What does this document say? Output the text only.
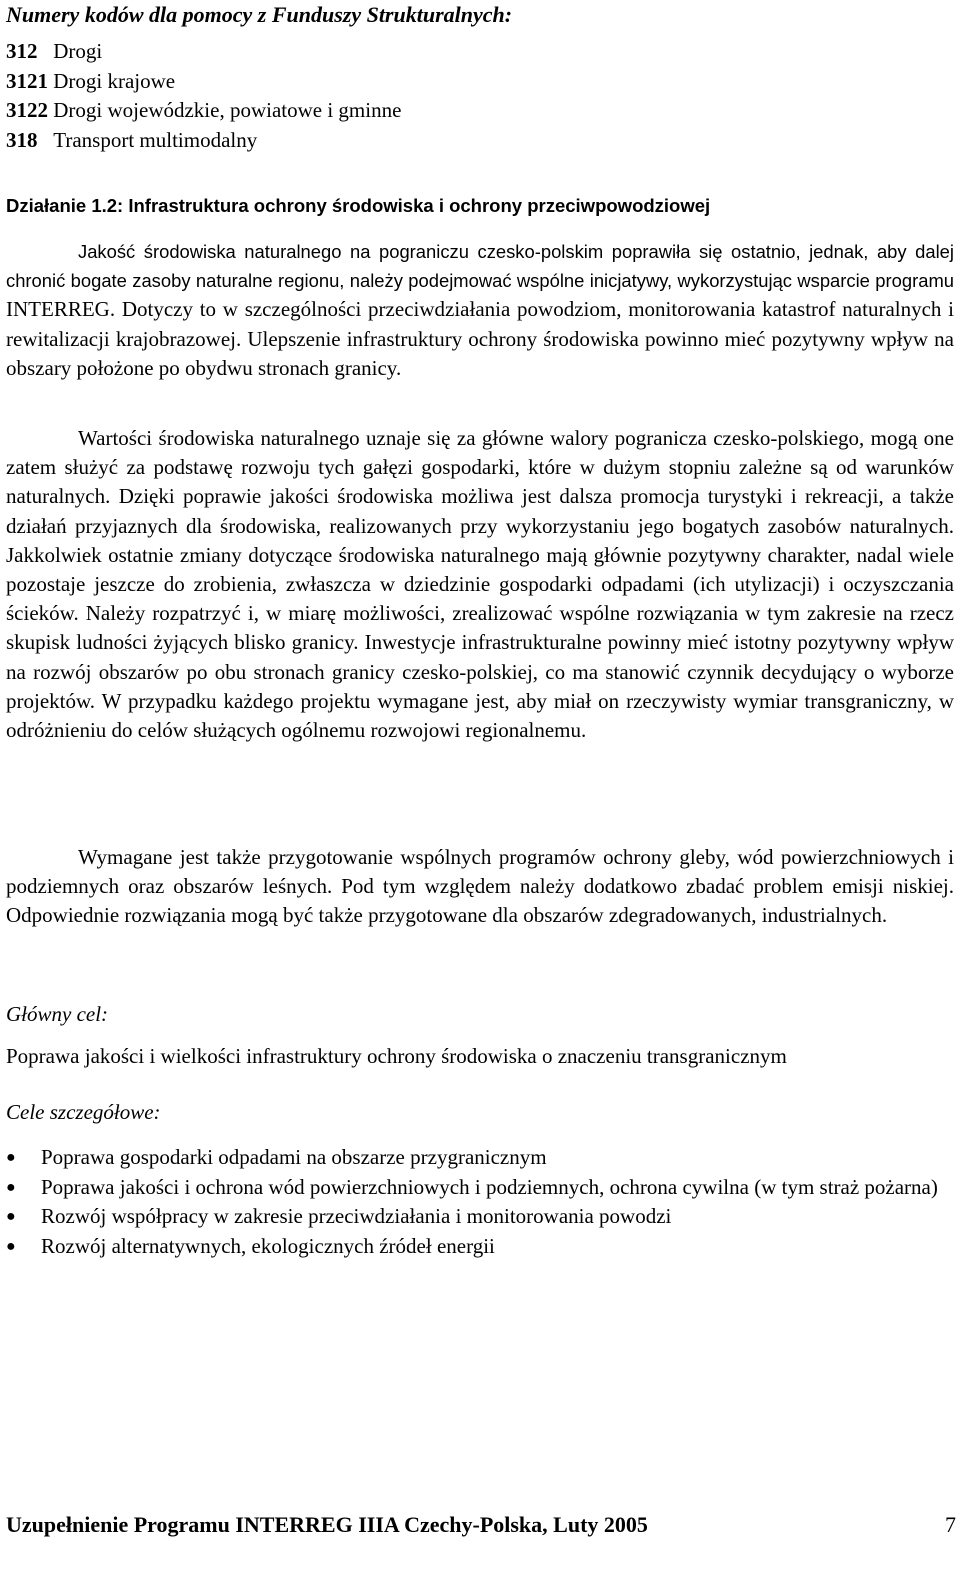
Numery kodów dla pomocy z Funduszy Strukturalnych:
312 Drogi
3121 Drogi krajowe
3122 Drogi wojewódzkie, powiatowe i gminne
318 Transport multimodalny
Działanie 1.2: Infrastruktura ochrony środowiska i ochrony przeciwpowodziowej

Jakość środowiska naturalnego na pograniczu czesko-polskim poprawiła się ostatnio, jednak, aby dalej chronić bogate zasoby naturalne regionu, należy podejmować wspólne inicjatywy, wykorzystując wsparcie programu INTERREG. Dotyczy to w szczególności przeciwdziałania powodziom, monitorowania katastrof naturalnych i rewitalizacji krajobrazowej. Ulepszenie infrastruktury ochrony środowiska powinno mieć pozytywny wpływ na obszary położone po obydwu stronach granicy.

Wartości środowiska naturalnego uznaje się za główne walory pogranicza czesko-polskiego, mogą one zatem służyć za podstawę rozwoju tych gałęzi gospodarki, które w dużym stopniu zależne są od warunków naturalnych. Dzięki poprawie jakości środowiska możliwa jest dalsza promocja turystyki i rekreacji, a także działań przyjaznych dla środowiska, realizowanych przy wykorzystaniu jego bogatych zasobów naturalnych. Jakkolwiek ostatnie zmiany dotyczące środowiska naturalnego mają głównie pozytywny charakter, nadal wiele pozostaje jeszcze do zrobienia, zwłaszcza w dziedzinie gospodarki odpadami (ich utylizacji) i oczyszczania ścieków. Należy rozpatrzyć i, w miarę możliwości, zrealizować wspólne rozwiązania w tym zakresie na rzecz skupisk ludności żyjących blisko granicy. Inwestycje infrastrukturalne powinny mieć istotny pozytywny wpływ na rozwój obszarów po obu stronach granicy czesko-polskiej, co ma stanowić czynnik decydujący o wyborze projektów. W przypadku każdego projektu wymagane jest, aby miał on rzeczywisty wymiar transgraniczny, w odróżnieniu do celów służących ogólnemu rozwojowi regionalnemu.

Wymagane jest także przygotowanie wspólnych programów ochrony gleby, wód powierzchniowych i podziemnych oraz obszarów leśnych. Pod tym względem należy dodatkowo zbadać problem emisji niskiej. Odpowiednie rozwiązania mogą być także przygotowane dla obszarów zdegradowanych, industrialnych.

Główny cel:
Poprawa jakości i wielkości infrastruktury ochrony środowiska o znaczeniu transgranicznym
Cele szczegółowe:
● Poprawa gospodarki odpadami na obszarze przygranicznym
● Poprawa jakości i ochrona wód powierzchniowych i podziemnych, ochrona cywilna (w tym straż pożarna)
● Rozwój współpracy w zakresie przeciwdziałania i monitorowania powodzi
● Rozwój alternatywnych, ekologicznych źródeł energii
Uzupełnienie Programu INTERREG IIIA Czechy-Polska, Luty 2005	7
